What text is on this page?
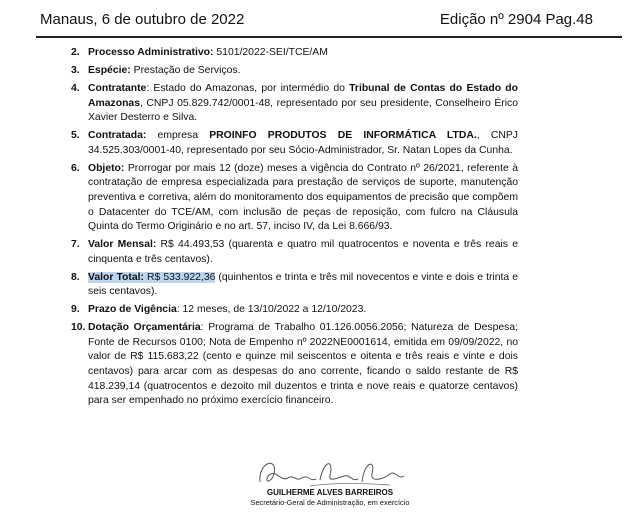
Manaus, 6 de outubro de 2022	Edição nº 2904 Pag.48
2. Processo Administrativo: 5101/2022-SEI/TCE/AM
3. Espécie: Prestação de Serviços.
4. Contratante: Estado do Amazonas, por intermédio do Tribunal de Contas do Estado do Amazonas, CNPJ 05.829.742/0001-48, representado por seu presidente, Conselheiro Érico Xavier Desterro e Silva.
5. Contratada: empresa PROINFO PRODUTOS DE INFORMÁTICA LTDA., CNPJ 34.525.303/0001-40, representado por seu Sócio-Administrador, Sr. Natan Lopes da Cunha.
6. Objeto: Prorrogar por mais 12 (doze) meses a vigência do Contrato nº 26/2021, referente à contratação de empresa especializada para prestação de serviços de suporte, manutenção preventiva e corretiva, além do monitoramento dos equipamentos de precisão que compõem o Datacenter do TCE/AM, com inclusão de peças de reposição, com fulcro na Cláusula Quinta do Termo Originário e no art. 57, inciso IV, da Lei 8.666/93.
7. Valor Mensal: R$ 44.493,53 (quarenta e quatro mil quatrocentos e noventa e três reais e cinquenta e três centavos).
8. Valor Total: R$ 533.922,36 (quinhentos e trinta e três mil novecentos e vinte e dois e trinta e seis centavos).
9. Prazo de Vigência: 12 meses, de 13/10/2022 a 12/10/2023.
10. Dotação Orçamentária: Programa de Trabalho 01.126.0056.2056; Natureza de Despesa; Fonte de Recursos 0100; Nota de Empenho nº 2022NE0001614, emitida em 09/09/2022, no valor de R$ 115.683,22 (cento e quinze mil seiscentos e oitenta e três reais e vinte e dois centavos) para arcar com as despesas do ano corrente, ficando o saldo restante de R$ 418.239,14 (quatrocentos e dezoito mil duzentos e trinta e nove reais e quatorze centavos) para ser empenhado no próximo exercício financeiro.
GUILHERME ALVES BARREIROS
Secretário-Geral de Administração, em exercício
